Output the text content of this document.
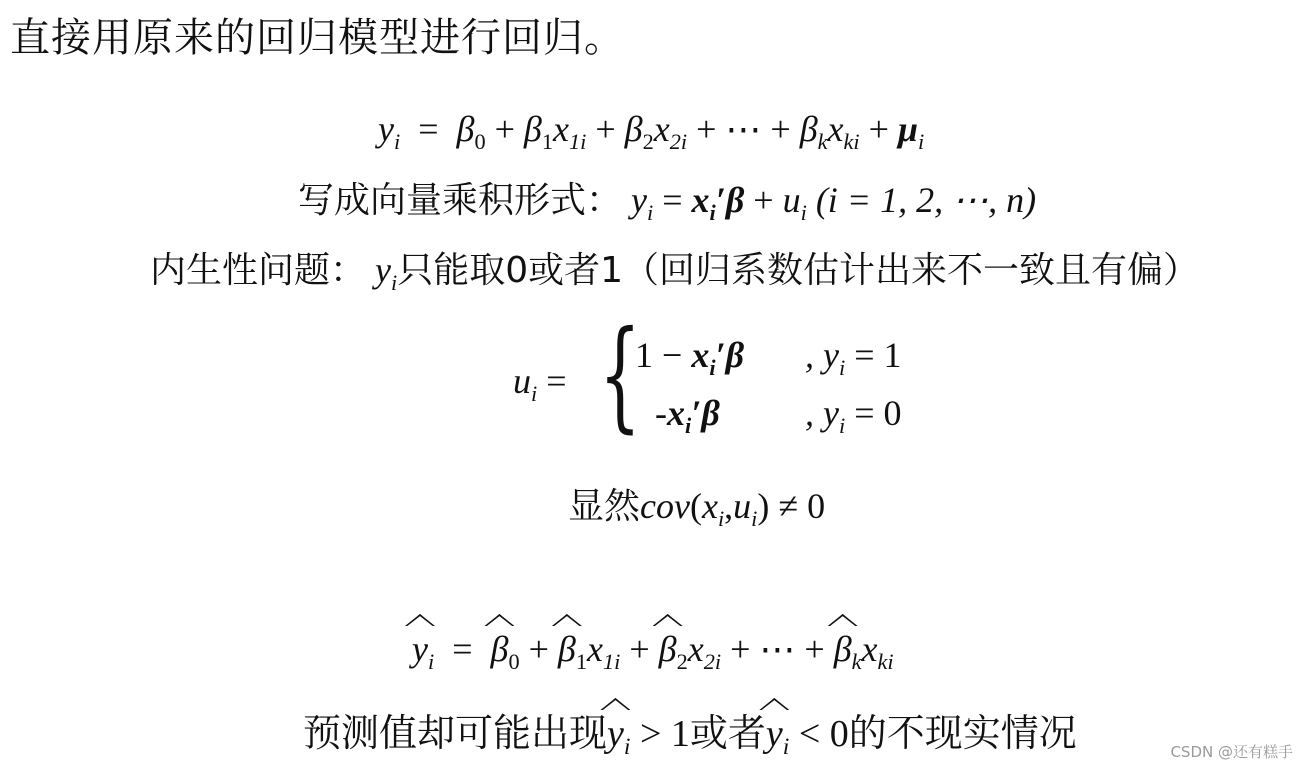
直接用原来的回归模型进行回归。
$y_i = \beta_0 + \beta_1x_{1i} + \beta_2x_{2i}$ + ⋯ + $\beta_kx_{ki} + \mu_i$
写成向量乘积形式： $y_i = x_i'\beta + u_i$ (i = 1, 2, ⋯, n)
内生性问题： $y_i$只能取0或者1（回归系数估计出来不一致且有偏）
$u_i$ = {
$1 - x_i'\beta$ , $y_i = 1$
$-x_i'\beta$ , $y_i = 0$
显然$cov(x_i,u_i) \ne 0$
$y_i = \beta_0 + \beta_1x_{1i} + \beta_2x_{2i}$ + ⋯ + $\beta_kx_{ki}$
预测值却可能出现$y_i > 1$或者$y_i < 0$的不现实情况	CSDN @还有糕手
